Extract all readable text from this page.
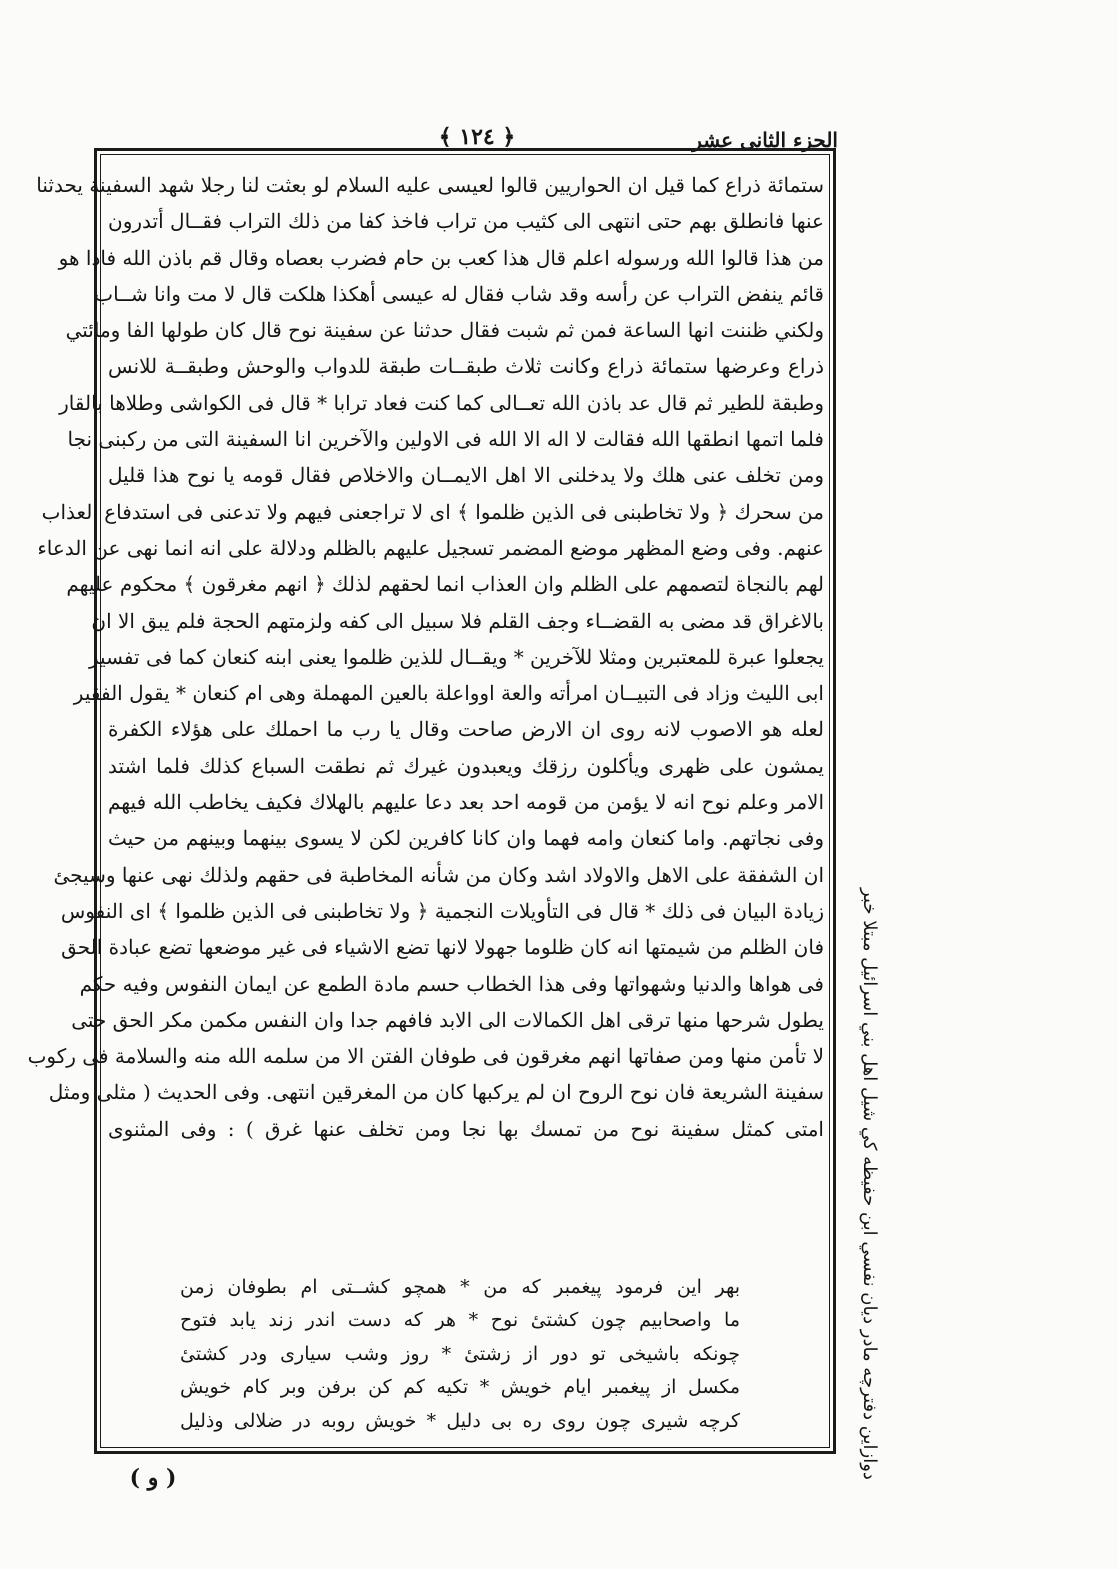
الجزء الثانی عشر
﴿ ١٢٤ ﴾
ستمائة ذراع كما قيل ان الحواريين قالوا لعيسى عليه السلام لو بعثت لنا رجلا شهد السفينة يحدثنا
عنها فانطلق بهم حتى انتهى الى كثيب من تراب فاخذ كفا من ذلك التراب فقــال أتدرون
من هذا قالوا الله ورسوله اعلم قال هذا كعب بن حام فضرب بعصاه وقال قم باذن الله فاذا هو
قائم ينفض التراب عن رأسه وقد شاب فقال له عيسى أهكذا هلكت قال لا مت وانا شــاب
ولكني ظننت انها الساعة فمن ثم شبت فقال حدثنا عن سفينة نوح قال كان طولها الفا ومائتي
ذراع وعرضها ستمائة ذراع وكانت ثلاث طبقــات طبقة للدواب والوحش وطبقــة للانس
وطبقة للطير ثم قال عد باذن الله تعــالى كما كنت فعاد ترابا * قال فى الكواشى وطلاها بالقار
فلما اتمها انطقها الله فقالت لا اله الا الله فى الاولين والآخرين انا السفينة التى من ركبنى نجا
ومن تخلف عنى هلك ولا يدخلنى الا اهل الايمــان والاخلاص فقال قومه يا نوح هذا قليل
من سحرك ﴿ ولا تخاطبنى فى الذين ظلموا ﴾ اى لا تراجعنى فيهم ولا تدعنى فى استدفاع العذاب
عنهم. وفى وضع المظهر موضع المضمر تسجيل عليهم بالظلم ودلالة على انه انما نهى عن الدعاء
لهم بالنجاة لتصمهم على الظلم وان العذاب انما لحقهم لذلك ﴿ انهم مغرقون ﴾ محكوم عليهم
بالاغراق قد مضى به القضــاء وجف القلم فلا سبيل الى كفه ولزمتهم الحجة فلم يبق الا ان
يجعلوا عبرة للمعتبرين ومثلا للآخرين * ويقــال للذين ظلموا يعنى ابنه كنعان كما فى تفسير
ابى الليث وزاد فى التبيــان امرأته والعة اوواعلة بالعين المهملة وهى ام كنعان * يقول الفقير
لعله هو الاصوب لانه روى ان الارض صاحت وقال يا رب ما احملك على هؤلاء الكفرة
يمشون على ظهرى ويأكلون رزقك ويعبدون غيرك ثم نطقت السباع كذلك فلما اشتد
الامر وعلم نوح انه لا يؤمن من قومه احد بعد دعا عليهم بالهلاك فكيف يخاطب الله فيهم
وفى نجاتهم. واما كنعان وامه فهما وان كانا كافرين لكن لا يسوى بينهما وبينهم من حيث
ان الشفقة على الاهل والاولاد اشد وكان من شأنه المخاطبة فى حقهم ولذلك نهى عنها وسيجئ
زيادة البيان فى ذلك * قال فى التأويلات النجمية ﴿ ولا تخاطبنى فى الذين ظلموا ﴾ اى النفوس
فان الظلم من شيمتها انه كان ظلوما جهولا لانها تضع الاشياء فى غير موضعها تضع عبادة الحق
فى هواها والدنيا وشهواتها وفى هذا الخطاب حسم مادة الطمع عن ايمان النفوس وفيه حكم
يطول شرحها منها ترقى اهل الكمالات الى الابد فافهم جدا وان النفس مكمن مكر الحق حتى
لا تأمن منها ومن صفاتها انهم مغرقون فى طوفان الفتن الا من سلمه الله منه والسلامة فى ركوب
سفينة الشريعة فان نوح الروح ان لم يركبها كان من المغرقين انتهى. وفى الحديث ( مثلى ومثل
امتى كمثل سفينة نوح من تمسك بها نجا ومن تخلف عنها غرق ) : وفى المثنوى
بهر اين فرمود پيغمبر كه من * همچو كشــتى ام بطوفان زمن
ما واصحابيم چون كشتىٔ نوح * هر كه دست اندر زند يابد فتوح
چونكه باشيخى تو دور از زشتىٔ * روز وشب سيارى ودر كشتىٔ
مكسل از پيغمبر ايام خويش * تكيه كم كن برفن وبر كام خويش
كرچه شيرى چون روى ره بى دليل * خويش روبه در ضلالى وذليل	دوازاين دفترچه مادر ديان نفسي ابن حفيظه كي شيل اهل بني اسرائيل مبتلا خبر
( و )
